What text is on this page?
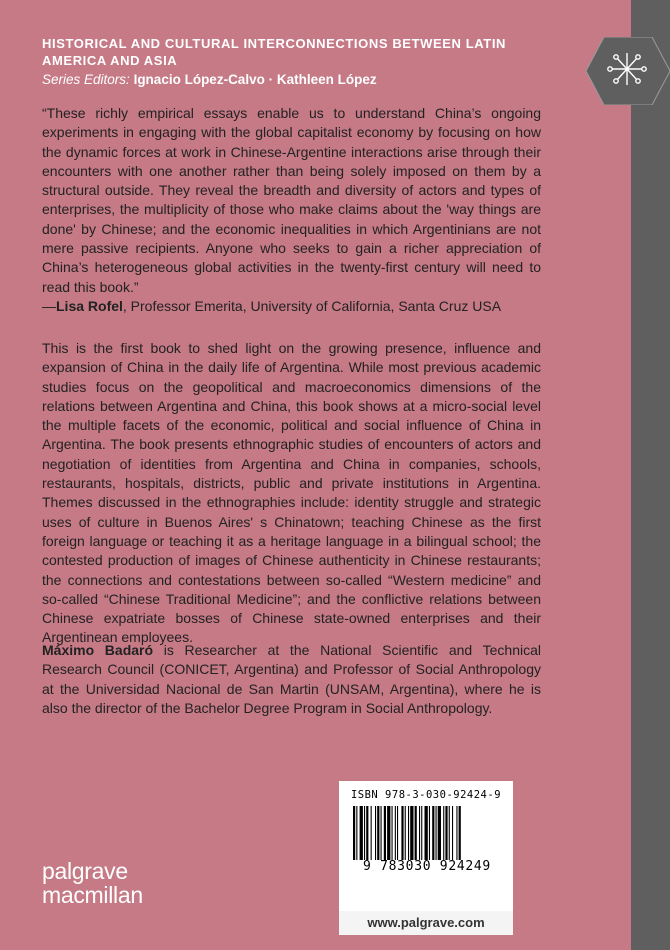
HISTORICAL AND CULTURAL INTERCONNECTIONS BETWEEN LATIN AMERICA AND ASIA
Series Editors: Ignacio López-Calvo · Kathleen López

“These richly empirical essays enable us to understand China’s ongoing experiments in engaging with the global capitalist economy by focusing on how the dynamic forces at work in Chinese-Argentine interactions arise through their encounters with one another rather than being solely imposed on them by a structural outside. They reveal the breadth and diversity of actors and types of enterprises, the multiplicity of those who make claims about the 'way things are done' by Chinese; and the economic inequalities in which Argentinians are not mere passive recipients. Anyone who seeks to gain a richer appreciation of China’s heterogeneous global activities in the twenty-first century will need to read this book.”

—Lisa Rofel, Professor Emerita, University of California, Santa Cruz USA

This is the first book to shed light on the growing presence, influence and expansion of China in the daily life of Argentina. While most previous academic studies focus on the geopolitical and macroeconomics dimensions of the relations between Argentina and China, this book shows at a micro-social level the multiple facets of the economic, political and social influence of China in Argentina. The book presents ethnographic studies of encounters of actors and negotiation of identities from Argentina and China in companies, schools, restaurants, hospitals, districts, public and private institutions in Argentina. Themes discussed in the ethnographies include: identity struggle and strategic uses of culture in Buenos Aires' s Chinatown; teaching Chinese as the first foreign language or teaching it as a heritage language in a bilingual school; the contested production of images of Chinese authenticity in Chinese restaurants; the connections and contestations between so-called “Western medicine” and so-called “Chinese Traditional Medicine”; and the conflictive relations between Chinese expatriate bosses of Chinese state-owned enterprises and their Argentinean employees.

Máximo Badaró is Researcher at the National Scientific and Technical Research Council (CONICET, Argentina) and Professor of Social Anthropology at the Universidad Nacional de San Martin (UNSAM, Argentina), where he is also the director of the Bachelor Degree Program in Social Anthropology.

ISBN 978-3-030-92424-9
9 783030 924249
www.palgrave.com
palgrave
macmillan
